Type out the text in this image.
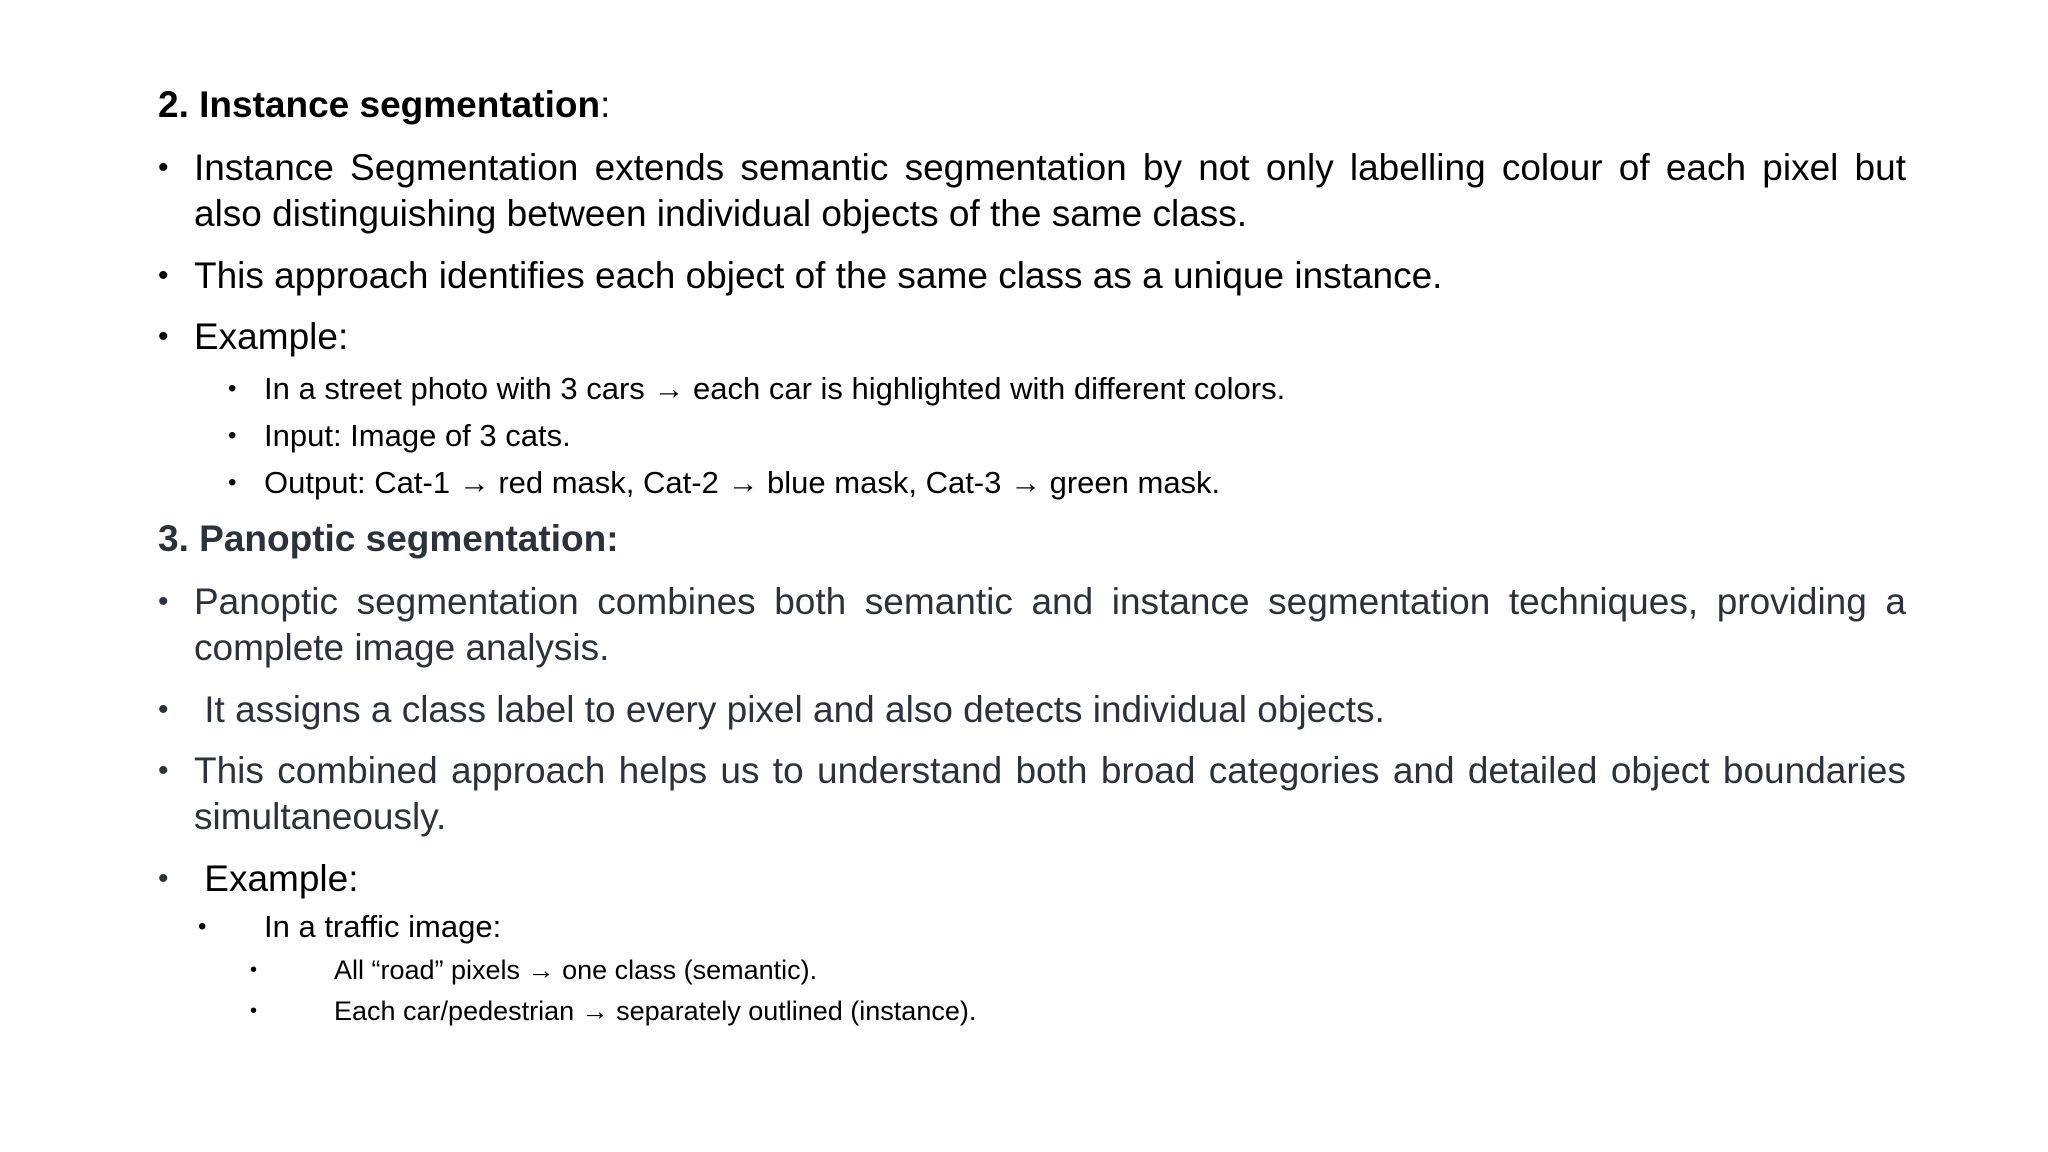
2. Instance segmentation:
• Instance Segmentation extends semantic segmentation by not only labelling colour of each pixel but also distinguishing between individual objects of the same class.
• This approach identifies each object of the same class as a unique instance.
• Example:
• In a street photo with 3 cars → each car is highlighted with different colors.
• Input: Image of 3 cats.
• Output: Cat-1 → red mask, Cat-2 → blue mask, Cat-3 → green mask.
3. Panoptic segmentation:
• Panoptic segmentation combines both semantic and instance segmentation techniques, providing a complete image analysis.
• It assigns a class label to every pixel and also detects individual objects.
• This combined approach helps us to understand both broad categories and detailed object boundaries simultaneously.
• Example:
• In a traffic image:
•	All “road” pixels → one class (semantic).
•	Each car/pedestrian → separately outlined (instance).
